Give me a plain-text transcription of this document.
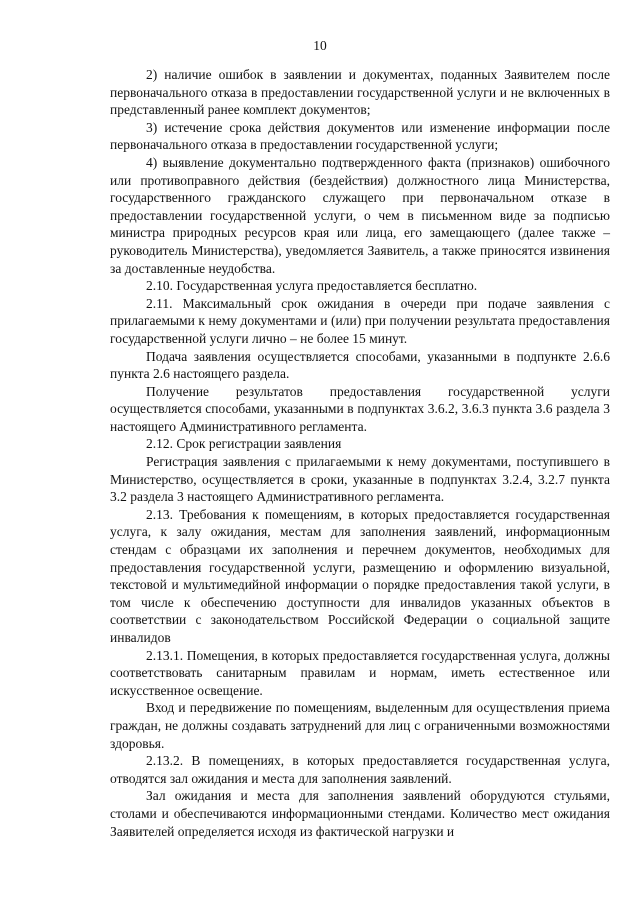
10

2) наличие ошибок в заявлении и документах, поданных Заявителем после первоначального отказа в предоставлении государственной услуги и не включенных в представленный ранее комплект документов;

3) истечение срока действия документов или изменение информации после первоначального отказа в предоставлении государственной услуги;

4) выявление документально подтвержденного факта (признаков) ошибочного или противоправного действия (бездействия) должностного лица Министерства, государственного гражданского служащего при первоначальном отказе в предоставлении государственной услуги, о чем в письменном виде за подписью министра природных ресурсов края или лица, его замещающего (далее также – руководитель Министерства), уведомляется Заявитель, а также приносятся извинения за доставленные неудобства.

2.10. Государственная услуга предоставляется бесплатно.

2.11. Максимальный срок ожидания в очереди при подаче заявления с прилагаемыми к нему документами и (или) при получении результата предоставления государственной услуги лично – не более 15 минут.

Подача заявления осуществляется способами, указанными в подпункте 2.6.6 пункта 2.6 настоящего раздела.

Получение результатов предоставления государственной услуги осуществляется способами, указанными в подпунктах 3.6.2, 3.6.3 пункта 3.6 раздела 3 настоящего Административного регламента.

2.12. Срок регистрации заявления

Регистрация заявления с прилагаемыми к нему документами, поступившего в Министерство, осуществляется в сроки, указанные в подпунктах 3.2.4, 3.2.7 пункта 3.2 раздела 3 настоящего Административного регламента.

2.13. Требования к помещениям, в которых предоставляется государственная услуга, к залу ожидания, местам для заполнения заявлений, информационным стендам с образцами их заполнения и перечнем документов, необходимых для предоставления государственной услуги, размещению и оформлению визуальной, текстовой и мультимедийной информации о порядке предоставления такой услуги, в том числе к обеспечению доступности для инвалидов указанных объектов в соответствии с законодательством Российской Федерации о социальной защите инвалидов

2.13.1. Помещения, в которых предоставляется государственная услуга, должны соответствовать санитарным правилам и нормам, иметь естественное или искусственное освещение.

Вход и передвижение по помещениям, выделенным для осуществления приема граждан, не должны создавать затруднений для лиц с ограниченными возможностями здоровья.

2.13.2. В помещениях, в которых предоставляется государственная услуга, отводятся зал ожидания и места для заполнения заявлений.

Зал ожидания и места для заполнения заявлений оборудуются стульями, столами и обеспечиваются информационными стендами. Количество мест ожидания Заявителей определяется исходя из фактической нагрузки и
